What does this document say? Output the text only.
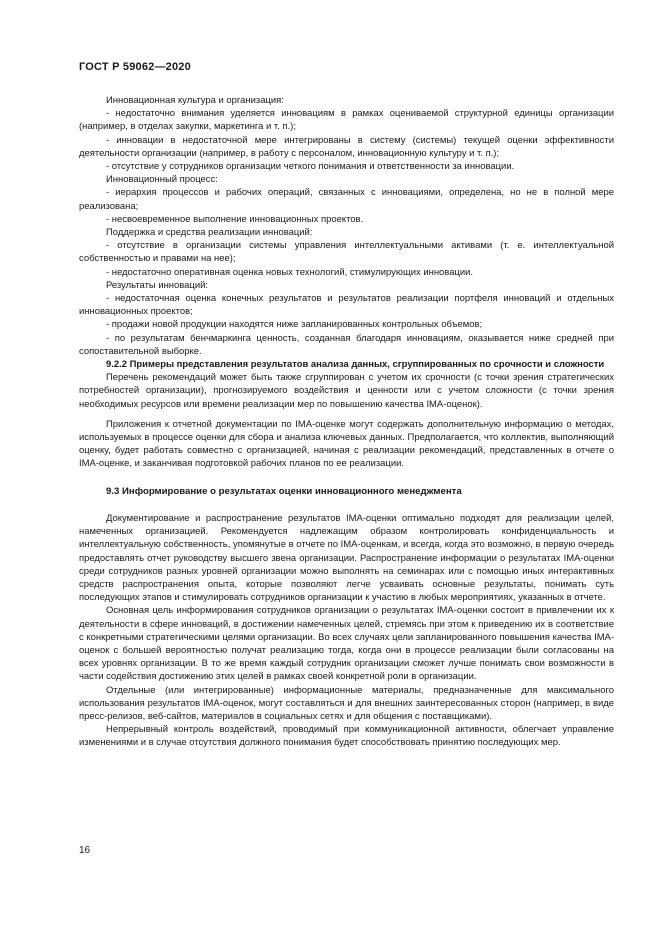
ГОСТ Р 59062—2020

Инновационная культура и организация:

- недостаточно внимания уделяется инновациям в рамках оцениваемой структурной единицы организации (например, в отделах закупки, маркетинга и т. п.);

- инновации в недостаточной мере интегрированы в систему (системы) текущей оценки эффективности деятельности организации (например, в работу с персоналом, инновационную культуру и т. п.);

- отсутствие у сотрудников организации четкого понимания и ответственности за инновации.

Инновационный процесс:

- иерархия процессов и рабочих операций, связанных с инновациями, определена, но не в полной мере реализована;

- несвоевременное выполнение инновационных проектов.

Поддержка и средства реализации инноваций:

- отсутствие в организации системы управления интеллектуальными активами (т. е. интеллектуальной собственностью и правами на нее);

- недостаточно оперативная оценка новых технологий, стимулирующих инновации.

Результаты инноваций:

- недостаточная оценка конечных результатов и результатов реализации портфеля инноваций и отдельных инновационных проектов;

- продажи новой продукции находятся ниже запланированных контрольных объемов;

- по результатам бенчмаркинга ценность, созданная благодаря инновациям, оказывается ниже средней при сопоставительной выборке.

9.2.2 Примеры представления результатов анализа данных, сгруппированных по срочности и сложности

Перечень рекомендаций может быть также сгруппирован с учетом их срочности (с точки зрения стратегических потребностей организации), прогнозируемого воздействия и ценности или с учетом сложности (с точки зрения необходимых ресурсов или времени реализации мер по повышению качества IMA-оценок).

Приложения к отчетной документации по IMA-оценке могут содержать дополнительную информацию о методах, используемых в процессе оценки для сбора и анализа ключевых данных. Предполагается, что коллектив, выполняющий оценку, будет работать совместно с организацией, начиная с реализации рекомендаций, представленных в отчете о IMA-оценке, и заканчивая подготовкой рабочих планов по ее реализации.

9.3 Информирование о результатах оценки инновационного менеджмента

Документирование и распространение результатов IMA-оценки оптимально подходят для реализации целей, намеченных организацией. Рекомендуется надлежащим образом контролировать конфиденциальность и интеллектуальную собственность, упомянутые в отчете по IMA-оценкам, и всегда, когда это возможно, в первую очередь предоставлять отчет руководству высшего звена организации. Распространение информации о результатах IMA-оценки среди сотрудников разных уровней организации можно выполнять на семинарах или с помощью иных интерактивных средств распространения опыта, которые позволяют легче усваивать основные результаты, понимать суть последующих этапов и стимулировать сотрудников организации к участию в любых мероприятиях, указанных в отчете.

Основная цель информирования сотрудников организации о результатах IMA-оценки состоит в привлечении их к деятельности в сфере инноваций, в достижении намеченных целей, стремясь при этом к приведению их в соответствие с конкретными стратегическими целями организации. Во всех случаях цели запланированного повышения качества IMA-оценок с большей вероятностью получат реализацию тогда, когда они в процессе реализации были согласованы на всех уровнях организации. В то же время каждый сотрудник организации сможет лучше понимать свои возможности в части содействия достижению этих целей в рамках своей конкретной роли в организации.

Отдельные (или интегрированные) информационные материалы, предназначенные для максимального использования результатов IMA-оценок, могут составляться и для внешних заинтересованных сторон (например, в виде пресс-релизов, веб-сайтов, материалов в социальных сетях и для общения с поставщиками).

Непрерывный контроль воздействий, проводимый при коммуникационной активности, облегчает управление изменениями и в случае отсутствия должного понимания будет способствовать принятию последующих мер.

16
